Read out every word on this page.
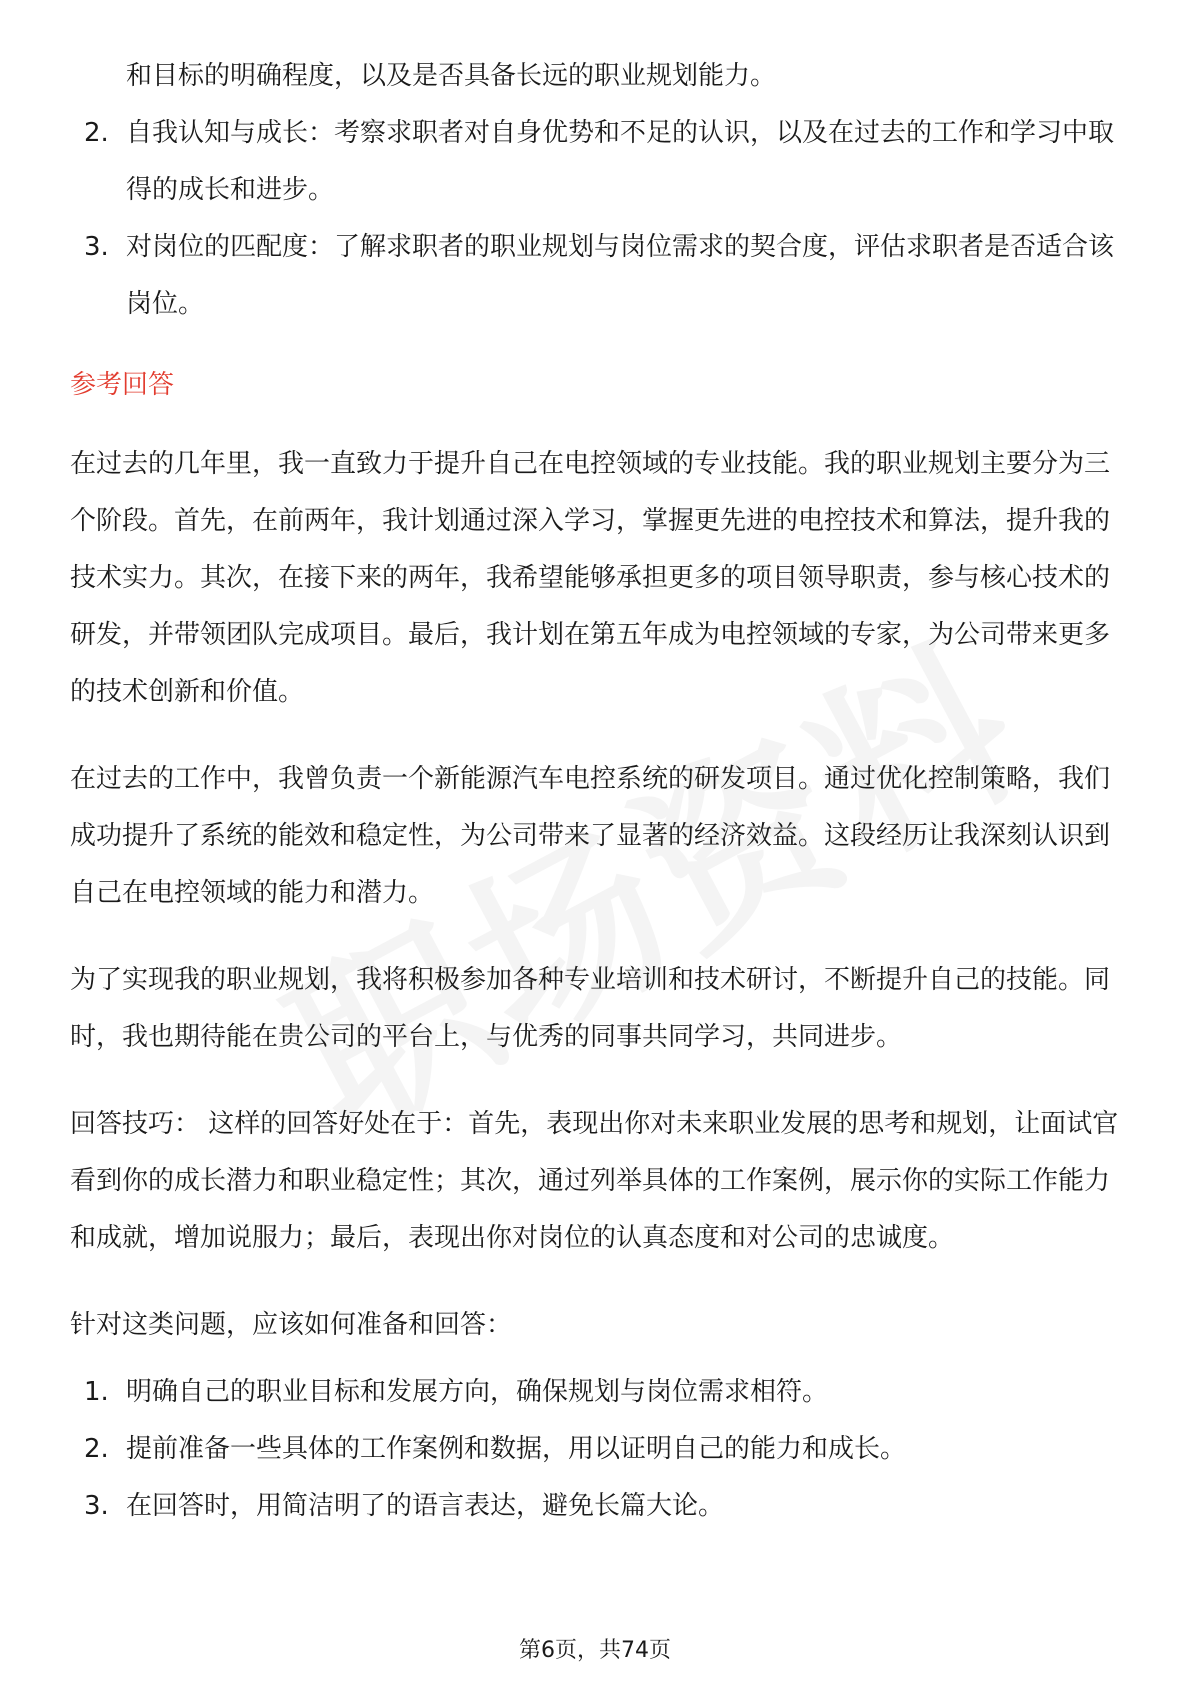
和目标的明确程度，以及是否具备长远的职业规划能力。
2. 自我认知与成长：考察求职者对自身优势和不足的认识，以及在过去的工作和学习中取得的成长和进步。
3. 对岗位的匹配度：了解求职者的职业规划与岗位需求的契合度，评估求职者是否适合该岗位。
参考回答

在过去的几年里，我一直致力于提升自己在电控领域的专业技能。我的职业规划主要分为三个阶段。首先，在前两年，我计划通过深入学习，掌握更先进的电控技术和算法，提升我的技术实力。其次，在接下来的两年，我希望能够承担更多的项目领导职责，参与核心技术的研发，并带领团队完成项目。最后，我计划在第五年成为电控领域的专家，为公司带来更多的技术创新和价值。

在过去的工作中，我曾负责一个新能源汽车电控系统的研发项目。通过优化控制策略，我们成功提升了系统的能效和稳定性，为公司带来了显著的经济效益。这段经历让我深刻认识到自己在电控领域的能力和潜力。

为了实现我的职业规划，我将积极参加各种专业培训和技术研讨，不断提升自己的技能。同时，我也期待能在贵公司的平台上，与优秀的同事共同学习，共同进步。

回答技巧： 这样的回答好处在于：首先，表现出你对未来职业发展的思考和规划，让面试官看到你的成长潜力和职业稳定性；其次，通过列举具体的工作案例，展示你的实际工作能力和成就，增加说服力；最后，表现出你对岗位的认真态度和对公司的忠诚度。

针对这类问题，应该如何准备和回答：

1. 明确自己的职业目标和发展方向，确保规划与岗位需求相符。
2. 提前准备一些具体的工作案例和数据，用以证明自己的能力和成长。
3. 在回答时，用简洁明了的语言表达，避免长篇大论。
第6页，共74页
